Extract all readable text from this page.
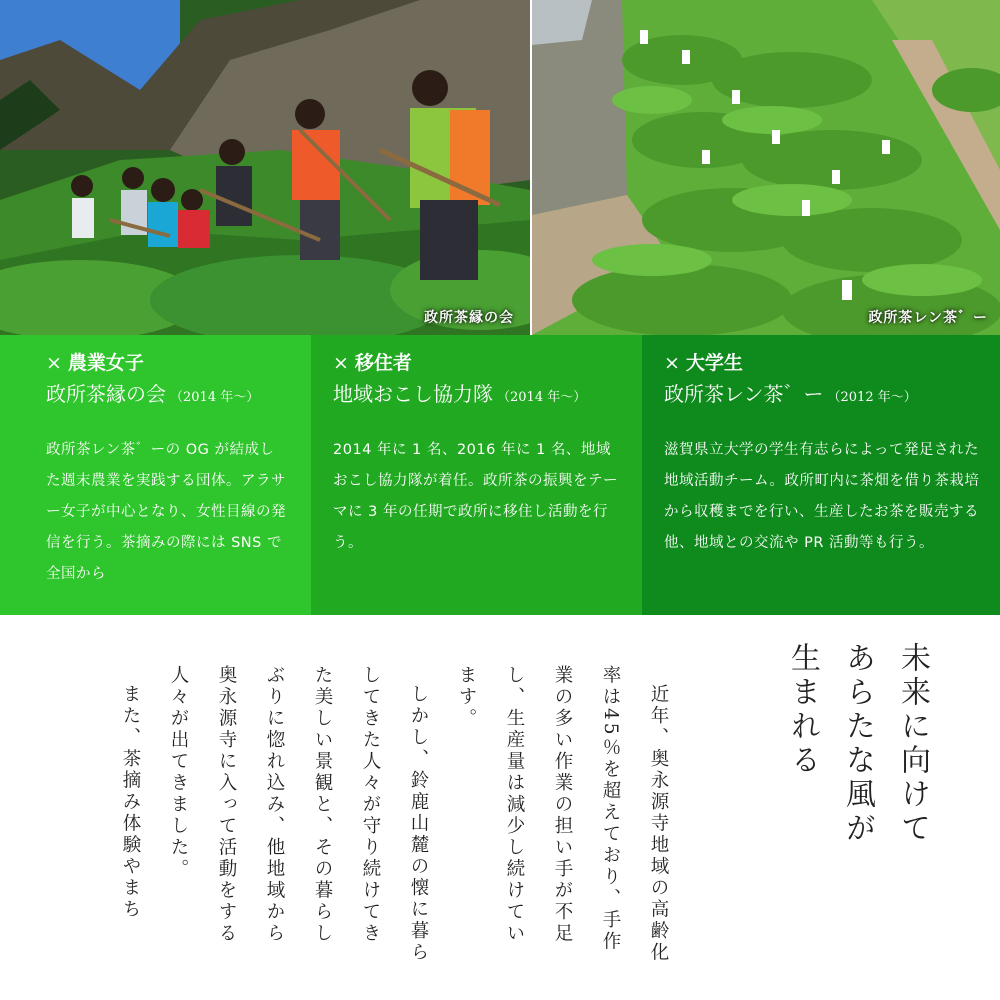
政所茶縁の会	政所茶レン茶゛ー
× 農業女子
政所茶縁の会 （2014 年〜）
政所茶レン茶゛ーの OG が結成した週末農業を実践する団体。アラサー女子が中心となり、女性目線の発信を行う。茶摘みの際には SNS で全国から
× 移住者
地域おこし協力隊 （2014 年〜）
2014 年に 1 名、2016 年に 1 名、地域おこし協力隊が着任。政所茶の振興をテーマに 3 年の任期で政所に移住し活動を行う。
× 大学生
政所茶レン茶゛ー （2012 年〜）
滋賀県立大学の学生有志らによって発足された地域活動チーム。政所町内に茶畑を借り茶栽培から収穫までを行い、生産したお茶を販売する他、地域との交流や PR 活動等も行う。
未来に向けて
あらたな風が
生まれる

近年、奥永源寺地域の高齢化率は45％を超えており、手作業の多い作業の担い手が不足し、生産量は減少し続けています。

しかし、鈴鹿山麓の懐に暮らしてきた人々が守り続けてきた美しい景観と、その暮らしぶりに惚れ込み、他地域から奥永源寺に入って活動をする人々が出てきました。

また、茶摘み体験やまち
